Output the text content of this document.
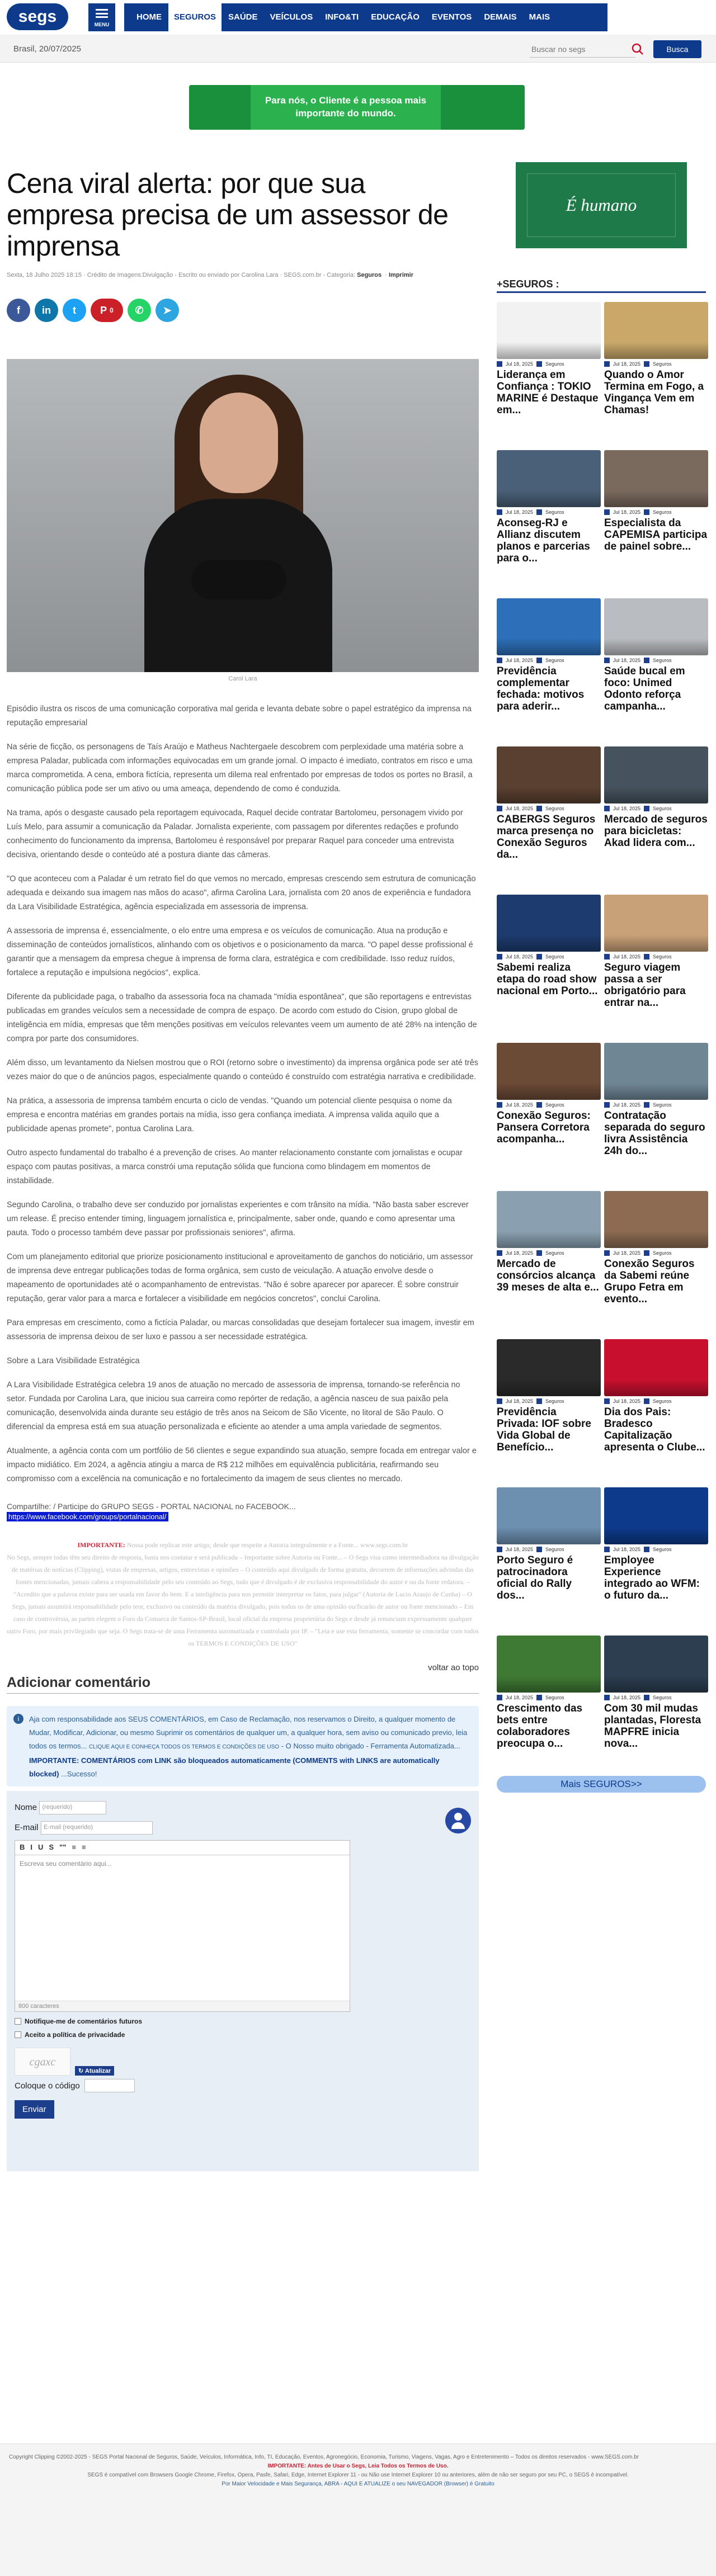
segs	MENU
HOME	SEGUROS	SAÚDE	VEÍCULOS	INFO&TI	EDUCAÇÃO	EVENTOS	DEMAIS	MAIS
Brasil, 20/07/2025
Buscar no segs	Busca
Para nós, o Cliente é a pessoa mais importante do mundo.
Cena viral alerta: por que sua empresa precisa de um assessor de imprensa
Sexta, 18 Julho 2025 18:15 · Crédito de Imagens:Divulgação - Escrito ou enviado por Carolina Lara · SEGS.com.br - Categoria: Seguros  · Imprimir
f	in	t	P 0	✆	➤
Carol Lara

Episódio ilustra os riscos de uma comunicação corporativa mal gerida e levanta debate sobre o papel estratégico da imprensa na reputação empresarial

Na série de ficção, os personagens de Taís Araújo e Matheus Nachtergaele descobrem com perplexidade uma matéria sobre a empresa Paladar, publicada com informações equivocadas em um grande jornal. O impacto é imediato, contratos em risco e uma marca comprometida. A cena, embora fictícia, representa um dilema real enfrentado por empresas de todos os portes no Brasil, a comunicação pública pode ser um ativo ou uma ameaça, dependendo de como é conduzida.

Na trama, após o desgaste causado pela reportagem equivocada, Raquel decide contratar Bartolomeu, personagem vivido por Luís Melo, para assumir a comunicação da Paladar. Jornalista experiente, com passagem por diferentes redações e profundo conhecimento do funcionamento da imprensa, Bartolomeu é responsável por preparar Raquel para conceder uma entrevista decisiva, orientando desde o conteúdo até a postura diante das câmeras.

"O que aconteceu com a Paladar é um retrato fiel do que vemos no mercado, empresas crescendo sem estrutura de comunicação adequada e deixando sua imagem nas mãos do acaso", afirma Carolina Lara, jornalista com 20 anos de experiência e fundadora da Lara Visibilidade Estratégica, agência especializada em assessoria de imprensa.

A assessoria de imprensa é, essencialmente, o elo entre uma empresa e os veículos de comunicação. Atua na produção e disseminação de conteúdos jornalísticos, alinhando com os objetivos e o posicionamento da marca. "O papel desse profissional é garantir que a mensagem da empresa chegue à imprensa de forma clara, estratégica e com credibilidade. Isso reduz ruídos, fortalece a reputação e impulsiona negócios", explica.

Diferente da publicidade paga, o trabalho da assessoria foca na chamada "mídia espontânea", que são reportagens e entrevistas publicadas em grandes veículos sem a necessidade de compra de espaço. De acordo com estudo do Cision, grupo global de inteligência em mídia, empresas que têm menções positivas em veículos relevantes veem um aumento de até 28% na intenção de compra por parte dos consumidores.

Além disso, um levantamento da Nielsen mostrou que o ROI (retorno sobre o investimento) da imprensa orgânica pode ser até três vezes maior do que o de anúncios pagos, especialmente quando o conteúdo é construído com estratégia narrativa e credibilidade.

Na prática, a assessoria de imprensa também encurta o ciclo de vendas. "Quando um potencial cliente pesquisa o nome da empresa e encontra matérias em grandes portais na mídia, isso gera confiança imediata. A imprensa valida aquilo que a publicidade apenas promete", pontua Carolina Lara.

Outro aspecto fundamental do trabalho é a prevenção de crises. Ao manter relacionamento constante com jornalistas e ocupar espaço com pautas positivas, a marca constrói uma reputação sólida que funciona como blindagem em momentos de instabilidade.

Segundo Carolina, o trabalho deve ser conduzido por jornalistas experientes e com trânsito na mídia. "Não basta saber escrever um release. É preciso entender timing, linguagem jornalística e, principalmente, saber onde, quando e como apresentar uma pauta. Todo o processo também deve passar por profissionais seniores", afirma.

Com um planejamento editorial que priorize posicionamento institucional e aproveitamento de ganchos do noticiário, um assessor de imprensa deve entregar publicações todas de forma orgânica, sem custo de veiculação. A atuação envolve desde o mapeamento de oportunidades até o acompanhamento de entrevistas. "Não é sobre aparecer por aparecer. É sobre construir reputação, gerar valor para a marca e fortalecer a visibilidade em negócios concretos", conclui Carolina.

Para empresas em crescimento, como a fictícia Paladar, ou marcas consolidadas que desejam fortalecer sua imagem, investir em assessoria de imprensa deixou de ser luxo e passou a ser necessidade estratégica.

Sobre a Lara Visibilidade Estratégica

A Lara Visibilidade Estratégica celebra 19 anos de atuação no mercado de assessoria de imprensa, tornando-se referência no setor. Fundada por Carolina Lara, que iniciou sua carreira como repórter de redação, a agência nasceu de sua paixão pela comunicação, desenvolvida ainda durante seu estágio de três anos na Seicom de São Vicente, no litoral de São Paulo. O diferencial da empresa está em sua atuação personalizada e eficiente ao atender a uma ampla variedade de segmentos.

Atualmente, a agência conta com um portfólio de 56 clientes e segue expandindo sua atuação, sempre focada em entregar valor e impacto midiático. Em 2024, a agência atingiu a marca de R$ 212 milhões em equivalência publicitária, reafirmando seu compromisso com a excelência na comunicação e no fortalecimento da imagem de seus clientes no mercado.

Compartilhe: / Participe do GRUPO SEGS - PORTAL NACIONAL no FACEBOOK...
https://www.facebook.com/groups/portalnacional/
IMPORTANTE: Nossa pode replicar este artigo, desde que respeite a Autoria integralmente e a Fonte... www.segs.com.br
No Segs, sempre todas têm seu direito de resposta, basta nos contatar e será publicada – Importante sobre Autoria ou Fonte... – O Segs visa como intermediadora na divulgação de matérias de notícias (Clipping), vistas de empresas, artigos, entrevistas e opiniões – O conteúdo aqui divulgado de forma gratuita, decorrem de informações advindas das fontes mencionadas, jamais cabera a responsabilidade pelo seu conteúdo ao Segs, tudo que é divulgado é de exclusiva responsabilidade do autor e ou da fonte redatora. – "Acredito que a palavra existe para ser usada em favor do bem. E a inteligência para nos permitir interpretar os fatos, para julgar" (Autoria de Lucio Araujo de Cunha) – O Segs, jamais assumirá responsabilidade pelo teor, exclusivo ou conteúdo da matéria divulgado, pois todos os de uma opinião ou/ficarão de autor ou fonte mencionado – Em caso de controvérsia, as partes elegem o Foro da Comarca de Santos-SP-Brasil, local oficial da empresa proprietária do Segs e desde já renunciam expressamente qualquer outro Foro, por mais privilegiado que seja. O Segs trata-se de uma Ferramenta automatizada e controlada por IP. – "Leia e use esta ferramenta, somente se concordar com todos os TERMOS E CONDIÇÕES DE USO"
voltar ao topo
Adicionar comentário
i	Aja com responsabilidade aos SEUS COMENTÁRIOS, em Caso de Reclamação, nos reservamos o Direito, a qualquer momento de Mudar, Modificar, Adicionar, ou mesmo Suprimir os comentários de qualquer um, a qualquer hora, sem aviso ou comunicado previo, leia todos os termos... CLIQUE AQUI E CONHEÇA TODOS OS TERMOS E CONDIÇÕES DE USO - O Nosso muito obrigado - Ferramenta Automatizada... IMPORTANTE: COMENTÁRIOS com LINK são bloqueados automaticamente (COMMENTS with LINKS are automatically blocked) ...Sucesso!
Nome (requerido)
E-mail E-mail (requerido)
B I U S "" ≡ ≡
Escreva seu comentário aqui...
800 caracteres
Notifique-me de comentários futuros
Aceito a política de privacidade
cgaxc
↻ Atualizar
Coloque o código
Enviar
É humano
+SEGUROS :
Jul 18, 2025 Seguros
Liderança em Confiança : TOKIO MARINE é Destaque em...
Jul 18, 2025 Seguros
Quando o Amor Termina em Fogo, a Vingança Vem em Chamas!
Jul 18, 2025 Seguros
Aconseg-RJ e Allianz discutem planos e parcerias para o...
Jul 18, 2025 Seguros
Especialista da CAPEMISA participa de painel sobre...
Jul 18, 2025 Seguros
Previdência complementar fechada: motivos para aderir...
Jul 18, 2025 Seguros
Saúde bucal em foco: Unimed Odonto reforça campanha...
Jul 18, 2025 Seguros
CABERGS Seguros marca presença no Conexão Seguros da...
Jul 18, 2025 Seguros
Mercado de seguros para bicicletas: Akad lidera com...
Jul 18, 2025 Seguros
Sabemi realiza etapa do road show nacional em Porto...
Jul 18, 2025 Seguros
Seguro viagem passa a ser obrigatório para entrar na...
Jul 18, 2025 Seguros
Conexão Seguros: Pansera Corretora acompanha...
Jul 18, 2025 Seguros
Contratação separada do seguro livra Assistência 24h do...
Jul 18, 2025 Seguros
Mercado de consórcios alcança 39 meses de alta e...
Jul 18, 2025 Seguros
Conexão Seguros da Sabemi reúne Grupo Fetra em evento...
Jul 18, 2025 Seguros
Previdência Privada: IOF sobre Vida Global de Benefício...
Jul 18, 2025 Seguros
Dia dos Pais: Bradesco Capitalização apresenta o Clube...
Jul 18, 2025 Seguros
Porto Seguro é patrocinadora oficial do Rally dos...
Jul 18, 2025 Seguros
Employee Experience integrado ao WFM: o futuro da...
Jul 18, 2025 Seguros
Crescimento das bets entre colaboradores preocupa o...
Jul 18, 2025 Seguros
Com 30 mil mudas plantadas, Floresta MAPFRE inicia nova...
Mais SEGUROS>>
Copyright Clipping ©2002-2025 - SEGS Portal Nacional de Seguros, Saúde, Veículos, Informática, Info, TI, Educação, Eventos, Agronegócio, Economia, Turismo, Viagens, Vagas, Agro e Entretenimento – Todos os direitos reservados - www.SEGS.com.br
IMPORTANTE: Antes de Usar o Segs, Leia Todos os Termos de Uso.
SEGS é compatível com Browsers Google Chrome, Firefox, Opera, Pasfe, Safari, Edge, Internet Explorer 11 - ou Não use Internet Explorer 10 ou anteriores, além de não ser seguro por seu PC, o SEGS é incompatível.
Por Maior Velocidade e Mais Segurança, ABRA - AQUI E ATUALIZE o seu NAVEGADOR (Browser) é Gratuito
